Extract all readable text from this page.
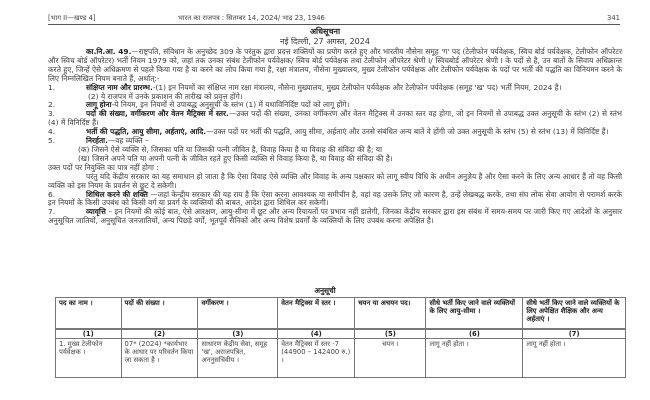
[भाग II—खण्ड 4]	भारत का राजपत्र : सितम्बर 14, 2024/ भाद्र 23, 1946	341
अधिसूचना
नई दिल्ली, 27 अगस्त, 2024

का.नि.आ. 49.—राष्ट्रपति, संविधान के अनुच्छेद 309 के परंतुक द्वारा प्रदत्त शक्तियों का प्रयोग करते हुए और भारतीय नौसेना समूह 'ग' पद (टेलीफोन पर्यवेक्षक, स्विच बोर्ड पर्यवेक्षक, टेलीफोन ऑपरेटर और स्विच बोर्ड ऑपरेटर) भर्ती नियम 1979 को, जहां तक उनका संबंध टेलीफोन पर्यवेक्षक/ स्विच बोर्ड पर्यवेक्षक तथा टेलीफोन ऑपरेटर श्रेणी I/ स्विचबोर्ड ऑपरेटर श्रेणी I के पदों से है, उन बातों के सिवाय अधिक्रान्त करते हुए, जिन्हें ऐसे अधिक्रमण से पहले किया गया है या करने का लोप किया गया है, रक्षा मंत्रालय, नौसेना मुख्यालय, मुख्य टेलीफोन पर्यवेक्षक और टेलीफोन पर्यवेक्षक के पदों पर भर्ती की पद्धति का विनियमन करने के लिए निम्नलिखित नियम बनाते हैं, अर्थात्:-

1.	संक्षिप्त नाम और प्रारम्भ.-(1) इन नियमों का संक्षिप्त नाम रक्षा मंत्रालय, नौसेना मुख्यालय, मुख्य टेलीफोन पर्यवेक्षक और टेलीफोन पर्यवेक्षक (समूह 'ख' पद) भर्ती नियम, 2024 है।

(2) ये राजपत्र में उनके प्रकाशन की तारीख को प्रवृत्त होंगे।

2.	लागू होना-ये नियम, इन नियमों से उपाबद्ध अनुसूची के स्तंभ (1) में यथाविनिर्दिष्ट पदों को लागू होंगे।

3.	पदों की संख्या, वर्गीकरण और वेतन मैट्रिक्स में स्तर.—उक्त पदों की संख्या, उनका वर्गीकरण और वेतन मैट्रिक्स में उनका स्तर वह होगा, जो इन नियमों से उपाबद्ध उक्त अनुसूची के स्तंभ (2) से स्तंभ (4) में विनिर्दिष्ट हैं।

4.	भर्ती की पद्धति, आयु सीमा, अर्हताएं, आदि.—उक्त पदों पर भर्ती की पद्धति, आयु सीमा, अर्हताएं और उनसे संबंधित अन्य बातें वे होंगी जो उक्त अनुसूची के स्तंभ (5) से स्तंभ (13) में विनिर्दिष्ट हैं।

5.	निरर्हता.—वह व्यक्ति –

(क) जिसने ऐसे व्यक्ति से, जिसका पति या जिसकी पत्नी जीवित है, विवाह किया है या विवाह की संविदा की है; या

(ख) जिसने अपने पति या अपनी पत्नी के जीवित रहते हुए किसी व्यक्ति से विवाह किया है, या विवाह की संविदा की है।

उक्त पदों पर नियुक्ति का पात्र नहीं होगा :

परंतु यदि केंद्रीय सरकार का यह समाधान हो जाता है कि ऐसा विवाह ऐसे व्यक्ति और विवाह के अन्य पक्षकार को लागू स्वीय विधि के अधीन अनुज्ञेय है और ऐसा करने के लिए अन्य आधार हैं तो वह किसी व्यक्ति को इस नियम के प्रवर्तन से छूट दे सकेगी।

6.	शिथिल करने की शक्ति —जहां केन्द्रीय सरकार की यह राय है कि ऐसा करना आवश्यक या समीचीन है, वहां वह उसके लिए जो कारण है, उन्हें लेखबद्ध करके, तथा संघ लोक सेवा आयोग से परामर्श करके इन नियमों के किसी उपबंध को किसी वर्ग या प्रवर्ग के व्यक्तियों की बाबत, आदेश द्वारा शिथिल कर सकेगी।

7.	व्यावृत्ति – इन नियमों की कोई बात, ऐसे आरक्षण, आयु-सीमा में छूट और अन्य रियायतों पर प्रभाव नहीं डालेगी, जिनका केंद्रीय सरकार द्वारा इस संबंध में समय-समय पर जारी किए गए आदेशों के अनुसार अनुसूचित जातियों, अनुसूचित जनजातियों, अन्य पिछड़े वर्गों, भूतपूर्व सैनिकों और अन्य विशेष प्रवर्गों के व्यक्तियों के लिए उपबंध करना अपेक्षित है।

अनुसूची
पद का नाम ।	पदों की संख्या ।	वर्गीकरण ।	वेतन मैट्रिक्स में स्तर ।	चयन या अचयन पद।	सीधे भर्ती किए जाने वाले व्यक्तियों के लिए आयु-सीमा ।	सीधे भर्ती किए जाने वाले व्यक्तियों के लिए अपेक्षित शैक्षिक और अन्य अर्हताएं ।
(1)	(2)	(3)	(4)	(5)	(6)	(7)
1. मुख्य टेलीफोन पर्यवेक्षक ।	07* (2024) *कार्यभार के आधार पर परिवर्तन किया जा सकता है ।	साधारण केंद्रीय सेवा, समूह 'ख', अराजपत्रित, अननुसचिवीय ।	वेतन मैट्रिक्स में स्तर -7 (44900 – 142400 रु.) ।	चयन ।	लागू नहीं होता ।	लागू नहीं होता ।
